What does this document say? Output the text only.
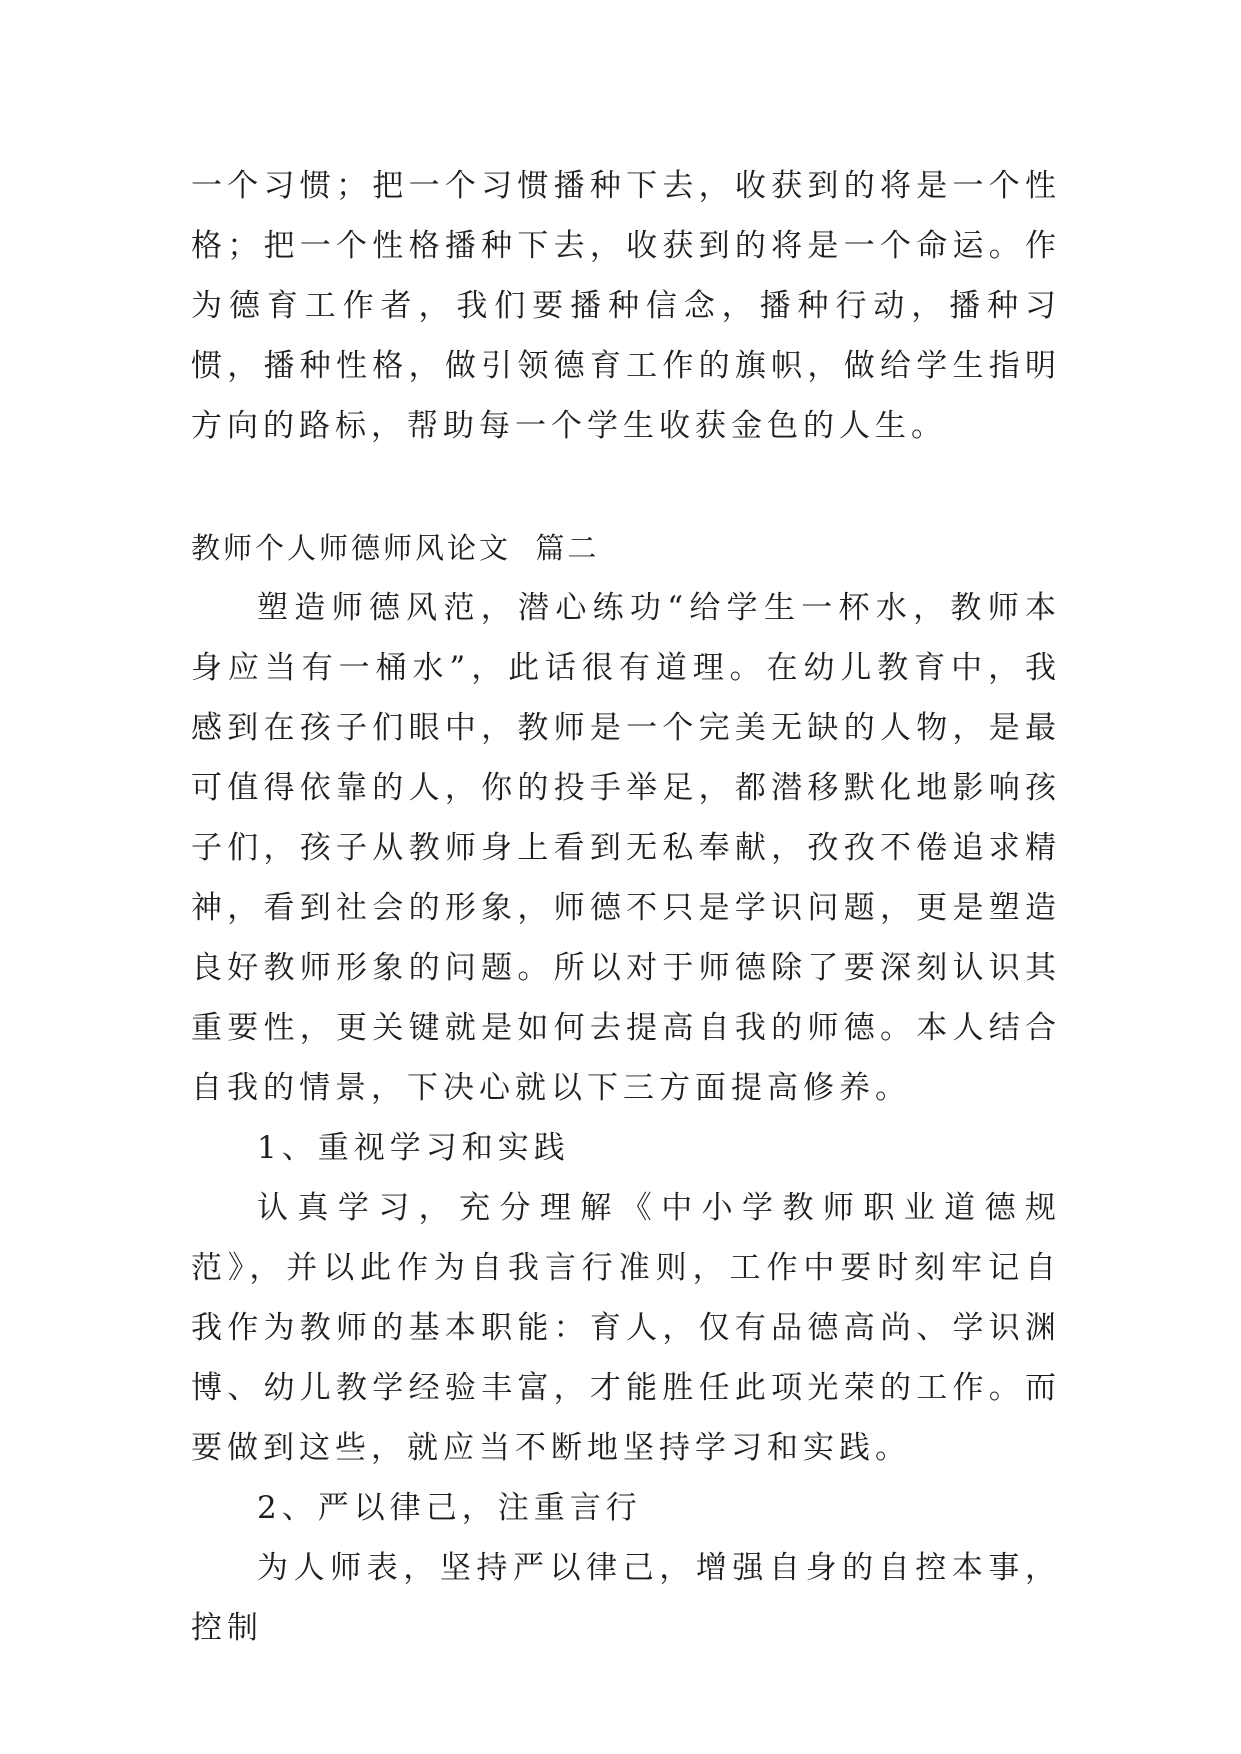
一个习惯；把一个习惯播种下去，收获到的将是一个性格；把一个性格播种下去，收获到的将是一个命运。作为德育工作者，我们要播种信念，播种行动，播种习惯，播种性格，做引领德育工作的旗帜，做给学生指明方向的路标，帮助每一个学生收获金色的人生。

教师个人师德师风论文  篇二

塑造师德风范，潜心练功“给学生一杯水，教师本身应当有一桶水”，此话很有道理。在幼儿教育中，我感到在孩子们眼中，教师是一个完美无缺的人物，是最可值得依靠的人，你的投手举足，都潜移默化地影响孩子们，孩子从教师身上看到无私奉献，孜孜不倦追求精神，看到社会的形象，师德不只是学识问题，更是塑造良好教师形象的问题。所以对于师德除了要深刻认识其重要性，更关键就是如何去提高自我的师德。本人结合自我的情景，下决心就以下三方面提高修养。

1、重视学习和实践

认真学习，充分理解《中小学教师职业道德规范》，并以此作为自我言行准则，工作中要时刻牢记自我作为教师的基本职能：育人，仅有品德高尚、学识渊博、幼儿教学经验丰富，才能胜任此项光荣的工作。而要做到这些，就应当不断地坚持学习和实践。

2、严以律己，注重言行

为人师表，坚持严以律己，增强自身的自控本事，控制
